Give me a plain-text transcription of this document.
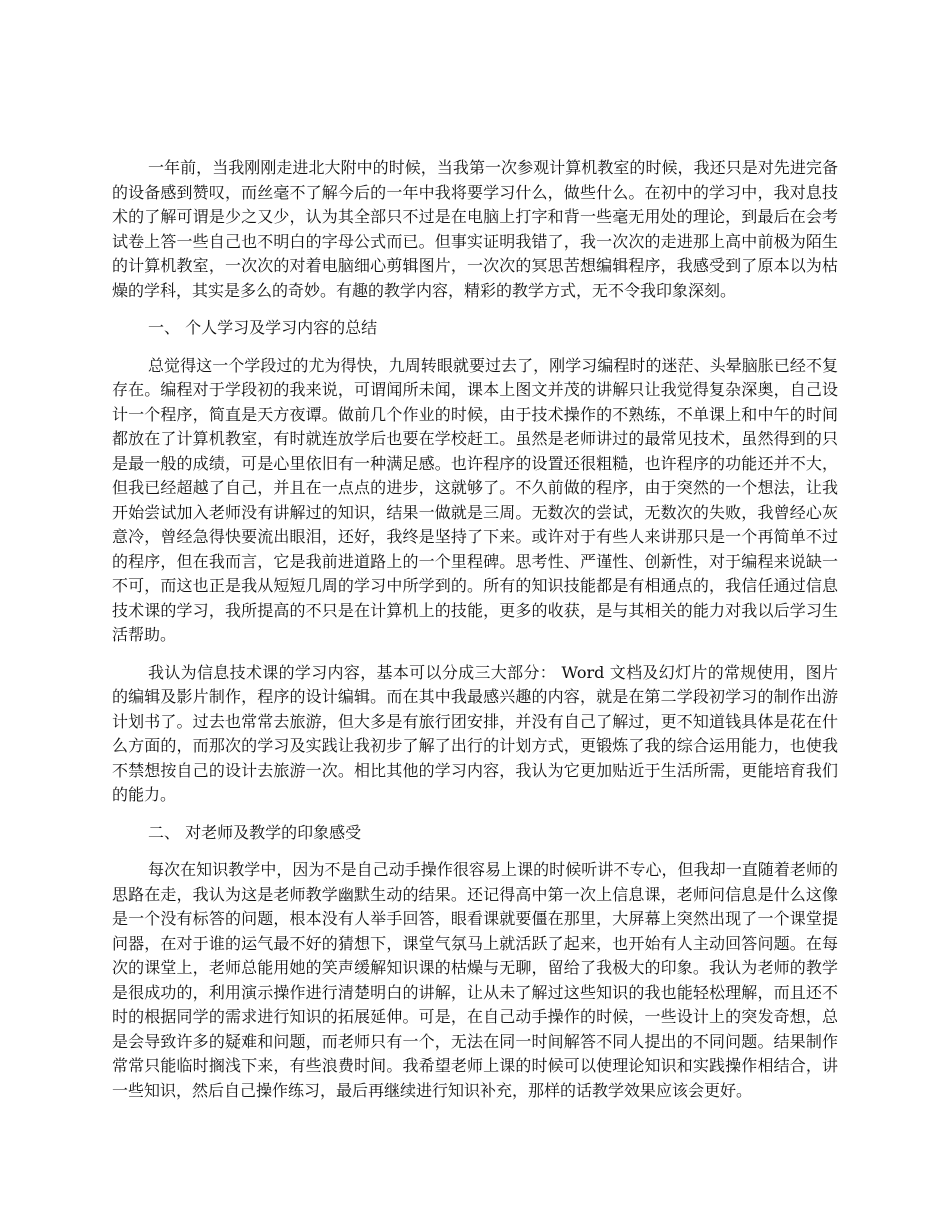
一年前，当我刚刚走进北大附中的时候，当我第一次参观计算机教室的时候，我还只是对先进完备的设备感到赞叹，而丝毫不了解今后的一年中我将要学习什么，做些什么。在初中的学习中，我对息技术的了解可谓是少之又少，认为其全部只不过是在电脑上打字和背一些毫无用处的理论，到最后在会考试卷上答一些自己也不明白的字母公式而已。但事实证明我错了，我一次次的走进那上高中前极为陌生的计算机教室，一次次的对着电脑细心剪辑图片，一次次的冥思苦想编辑程序，我感受到了原本以为枯燥的学科，其实是多么的奇妙。有趣的教学内容，精彩的教学方式，无不令我印象深刻。

一、 个人学习及学习内容的总结

总觉得这一个学段过的尤为得快，九周转眼就要过去了，刚学习编程时的迷茫、头晕脑胀已经不复存在。编程对于学段初的我来说，可谓闻所未闻，课本上图文并茂的讲解只让我觉得复杂深奥，自己设计一个程序，简直是天方夜谭。做前几个作业的时候，由于技术操作的不熟练，不单课上和中午的时间都放在了计算机教室，有时就连放学后也要在学校赶工。虽然是老师讲过的最常见技术，虽然得到的只是最一般的成绩，可是心里依旧有一种满足感。也许程序的设置还很粗糙，也许程序的功能还并不大，但我已经超越了自己，并且在一点点的进步，这就够了。不久前做的程序，由于突然的一个想法，让我开始尝试加入老师没有讲解过的知识，结果一做就是三周。无数次的尝试，无数次的失败，我曾经心灰意冷，曾经急得快要流出眼泪，还好，我终是坚持了下来。或许对于有些人来讲那只是一个再简单不过的程序，但在我而言，它是我前进道路上的一个里程碑。思考性、严谨性、创新性，对于编程来说缺一不可，而这也正是我从短短几周的学习中所学到的。所有的知识技能都是有相通点的，我信任通过信息技术课的学习，我所提高的不只是在计算机上的技能，更多的收获，是与其相关的能力对我以后学习生活帮助。

我认为信息技术课的学习内容，基本可以分成三大部分： Word 文档及幻灯片的常规使用，图片的编辑及影片制作，程序的设计编辑。而在其中我最感兴趣的内容，就是在第二学段初学习的制作出游计划书了。过去也常常去旅游，但大多是有旅行团安排，并没有自己了解过，更不知道钱具体是花在什么方面的，而那次的学习及实践让我初步了解了出行的计划方式，更锻炼了我的综合运用能力，也使我不禁想按自己的设计去旅游一次。相比其他的学习内容，我认为它更加贴近于生活所需，更能培育我们的能力。

二、 对老师及教学的印象感受

每次在知识教学中，因为不是自己动手操作很容易上课的时候听讲不专心，但我却一直随着老师的思路在走，我认为这是老师教学幽默生动的结果。还记得高中第一次上信息课，老师问信息是什么这像是一个没有标答的问题，根本没有人举手回答，眼看课就要僵在那里，大屏幕上突然出现了一个课堂提问器，在对于谁的运气最不好的猜想下，课堂气氛马上就活跃了起来，也开始有人主动回答问题。在每次的课堂上，老师总能用她的笑声缓解知识课的枯燥与无聊，留给了我极大的印象。我认为老师的教学是很成功的，利用演示操作进行清楚明白的讲解，让从未了解过这些知识的我也能轻松理解，而且还不时的根据同学的需求进行知识的拓展延伸。可是，在自己动手操作的时候，一些设计上的突发奇想，总是会导致许多的疑难和问题，而老师只有一个，无法在同一时间解答不同人提出的不同问题。结果制作常常只能临时搁浅下来，有些浪费时间。我希望老师上课的时候可以使理论知识和实践操作相结合，讲一些知识，然后自己操作练习，最后再继续进行知识补充，那样的话教学效果应该会更好。
